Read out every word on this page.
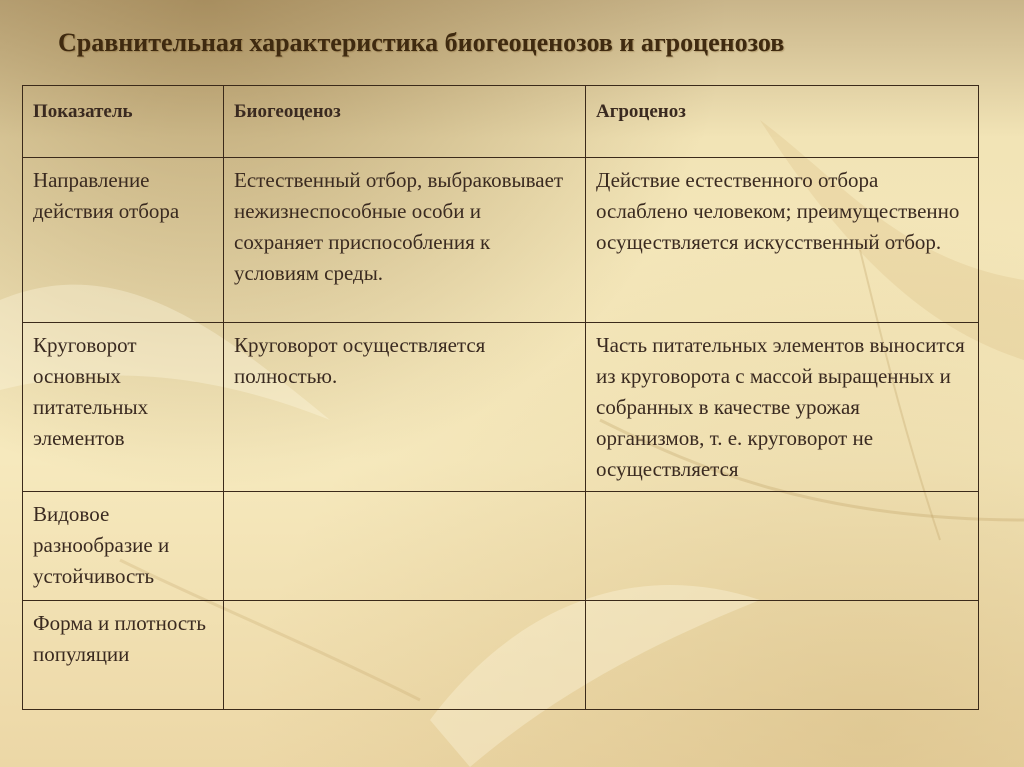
Сравнительная характеристика биогеоценозов и агроценозов
Показатель	Биогеоценоз	Агроценоз
Направление действия отбора	Естественный отбор, выбраковывает нежизнеспособные особи и сохраняет приспособления к условиям среды.	Действие естественного отбора ослаблено человеком; преимущественно осуществляется искусственный отбор.
Круговорот основных питательных элементов	Круговорот осуществляется полностью.	Часть питательных элементов выносится из круговорота с массой выращенных и собранных в качестве урожая организмов, т. е. круговорот не осуществляется
Видовое разнообразие и устойчивость		
Форма и плотность популяции		
